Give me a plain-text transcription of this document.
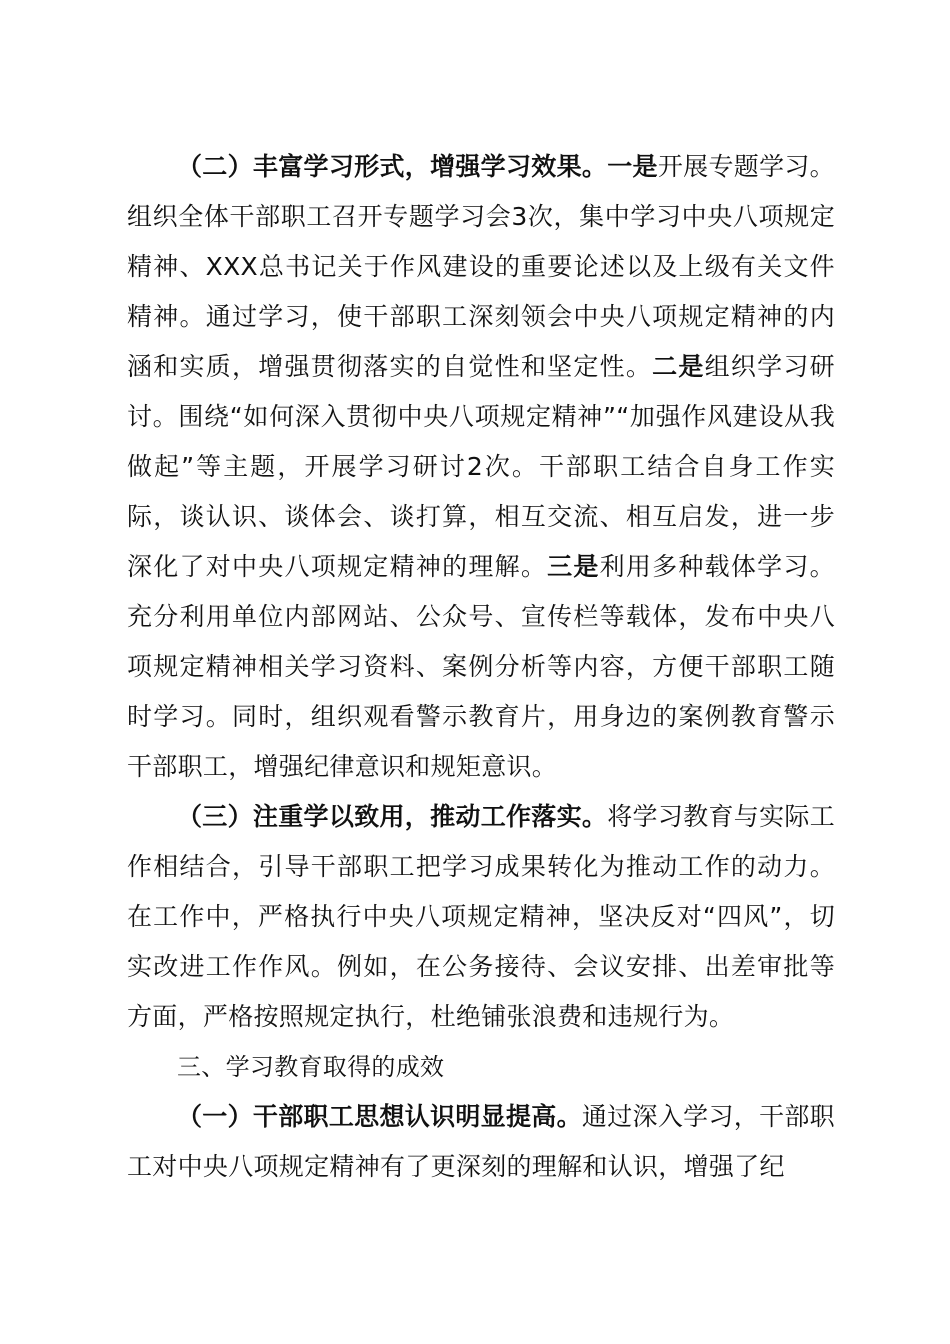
（二）丰富学习形式，增强学习效果。一是开展专题学习。组织全体干部职工召开专题学习会3次，集中学习中央八项规定精神、XXX总书记关于作风建设的重要论述以及上级有关文件精神。通过学习，使干部职工深刻领会中央八项规定精神的内涵和实质，增强贯彻落实的自觉性和坚定性。二是组织学习研讨。围绕“如何深入贯彻中央八项规定精神”“加强作风建设从我做起”等主题，开展学习研讨2次。干部职工结合自身工作实际，谈认识、谈体会、谈打算，相互交流、相互启发，进一步深化了对中央八项规定精神的理解。三是利用多种载体学习。充分利用单位内部网站、公众号、宣传栏等载体，发布中央八项规定精神相关学习资料、案例分析等内容，方便干部职工随时学习。同时，组织观看警示教育片，用身边的案例教育警示干部职工，增强纪律意识和规矩意识。

（三）注重学以致用，推动工作落实。将学习教育与实际工作相结合，引导干部职工把学习成果转化为推动工作的动力。在工作中，严格执行中央八项规定精神，坚决反对“四风”，切实改进工作作风。例如，在公务接待、会议安排、出差审批等方面，严格按照规定执行，杜绝铺张浪费和违规行为。

三、学习教育取得的成效

（一）干部职工思想认识明显提高。通过深入学习，干部职工对中央八项规定精神有了更深刻的理解和认识，增强了纪
